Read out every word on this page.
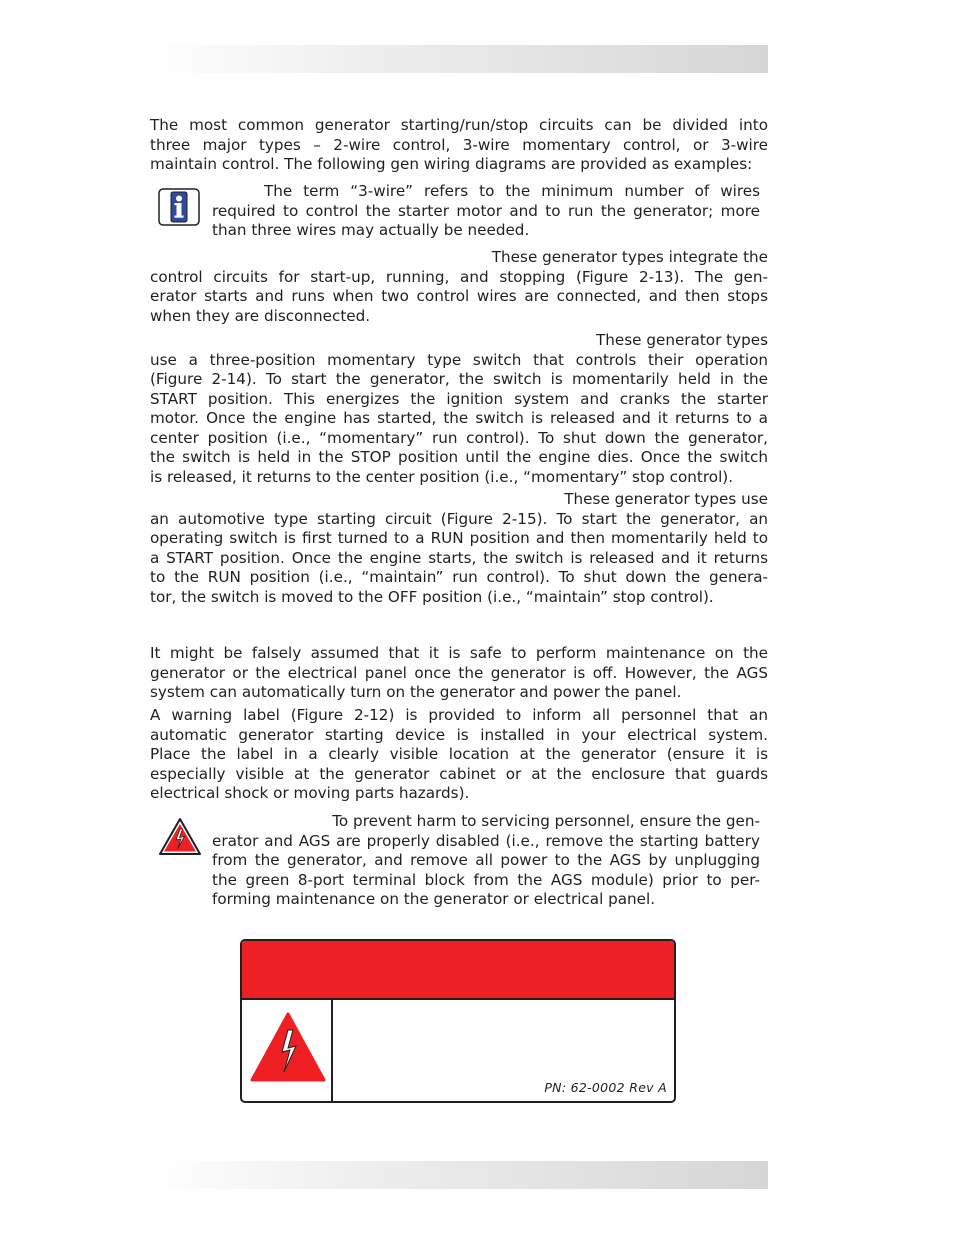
The most common generator starting/run/stop circuits can be divided into
three major types – 2-wire control, 3-wire momentary control, or 3-wire
maintain control. The following gen wiring diagrams are provided as examples:

The term “3-wire” refers to the minimum number of wires
required to control the starter motor and to run the generator; more
than three wires may actually be needed.

These generator types integrate the
control circuits for start-up, running, and stopping (Figure 2-13). The gen-
erator starts and runs when two control wires are connected, and then stops
when they are disconnected.

These generator types
use a three-position momentary type switch that controls their operation
(Figure 2-14). To start the generator, the switch is momentarily held in the
START position. This energizes the ignition system and cranks the starter
motor. Once the engine has started, the switch is released and it returns to a
center position (i.e., “momentary” run control). To shut down the generator,
the switch is held in the STOP position until the engine dies. Once the switch
is released, it returns to the center position (i.e., “momentary” stop control).

These generator types use
an automotive type starting circuit (Figure 2-15). To start the generator, an
operating switch is first turned to a RUN position and then momentarily held to
a START position. Once the engine starts, the switch is released and it returns
to the RUN position (i.e., “maintain” run control). To shut down the genera-
tor, the switch is moved to the OFF position (i.e., “maintain” stop control).

It might be falsely assumed that it is safe to perform maintenance on the
generator or the electrical panel once the generator is off. However, the AGS
system can automatically turn on the generator and power the panel.

A warning label (Figure 2-12) is provided to inform all personnel that an
automatic generator starting device is installed in your electrical system.
Place the label in a clearly visible location at the generator (ensure it is
especially visible at the generator cabinet or at the enclosure that guards
electrical shock or moving parts hazards).

To prevent harm to servicing personnel, ensure the gen-
erator and AGS are properly disabled (i.e., remove the starting battery
from the generator, and remove all power to the AGS by unplugging
the green 8-port terminal block from the AGS module) prior to per-
forming maintenance on the generator or electrical panel.

PN: 62-0002 Rev A
